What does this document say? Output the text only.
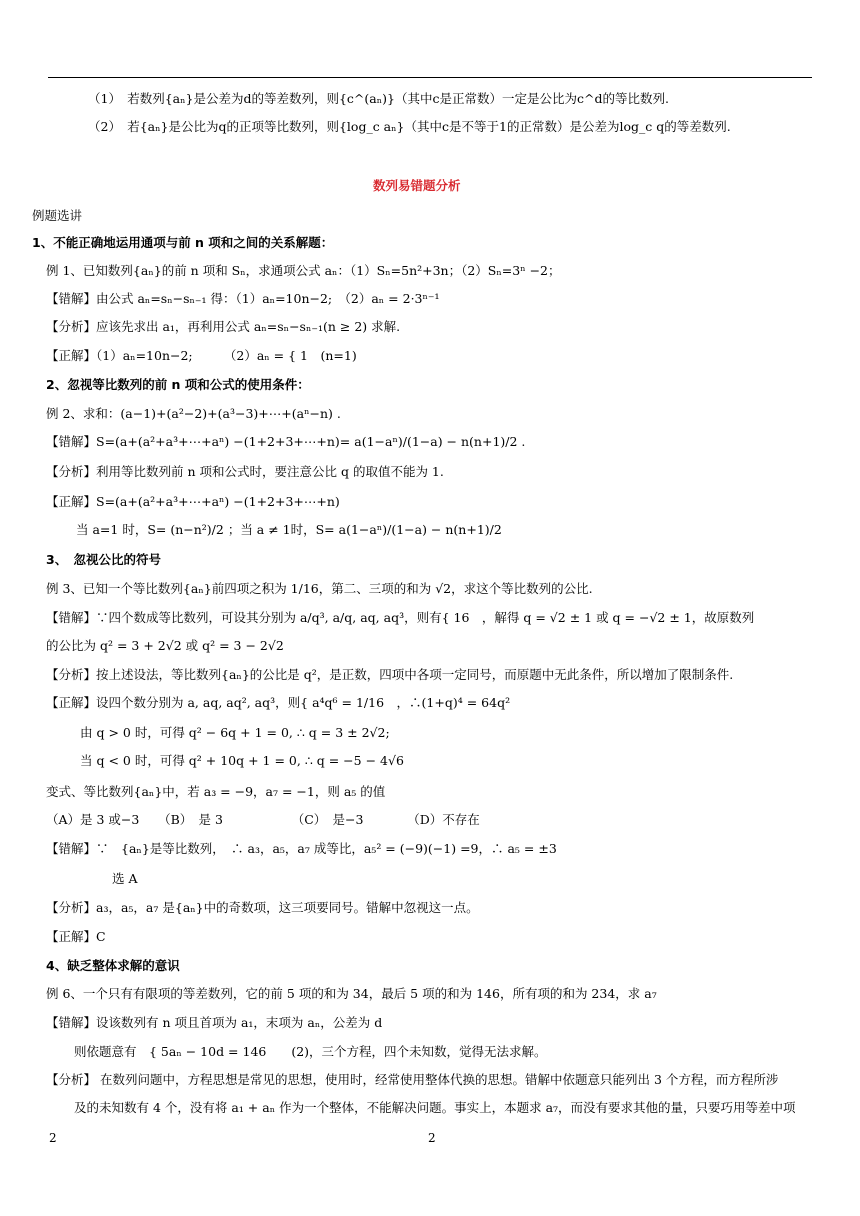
（1）　若数列{aₙ}是公差为d的等差数列，则{c^(aₙ)}（其中c是正常数）一定是公比为c^d的等比数列.
（2）　若{aₙ}是公比为q的正项等比数列，则{log_c aₙ}（其中c是不等于1的正常数）是公差为log_c q的等差数列.
数列易错题分析
例题选讲
1、不能正确地运用通项与前 n 项和之间的关系解题：
例 1、已知数列{aₙ}的前 n 项和 Sₙ，求通项公式 aₙ：（1）Sₙ=5n²+3n；（2）Sₙ=3ⁿ −2；
【错解】由公式 aₙ=sₙ−sₙ₋₁ 得：（1）aₙ=10n−2;　（2）aₙ = 2·3ⁿ⁻¹
【分析】应该先求出 a₁，再利用公式 aₙ=sₙ−sₙ₋₁(n ≥ 2) 求解.
【正解】（1）aₙ=10n−2;　　　（2）aₙ = { 1　(n=1)
2、忽视等比数列的前 n 项和公式的使用条件：
例 2、求和：(a−1)+(a²−2)+(a³−3)+⋯+(aⁿ−n) .
【错解】S=(a+(a²+a³+⋯+aⁿ) −(1+2+3+⋯+n)= a(1−aⁿ)/(1−a) − n(n+1)/2 .
【分析】利用等比数列前 n 项和公式时，要注意公比 q 的取值不能为 1.
【正解】S=(a+(a²+a³+⋯+aⁿ) −(1+2+3+⋯+n)
当 a=1 时，S= (n−n²)/2 ；当 a ≠ 1时，S= a(1−aⁿ)/(1−a) − n(n+1)/2
3、　忽视公比的符号
例 3、已知一个等比数列{aₙ}前四项之积为 1/16，第二、三项的和为 √2，求这个等比数列的公比.
【错解】∵四个数成等比数列，可设其分别为 a/q³, a/q, aq, aq³，则有{ 16　，解得 q = √2 ± 1 或 q = −√2 ± 1，故原数列
的公比为 q² = 3 + 2√2 或 q² = 3 − 2√2
【分析】按上述设法，等比数列{aₙ}的公比是 q²，是正数，四项中各项一定同号，而原题中无此条件，所以增加了限制条件.
【正解】设四个数分别为 a, aq, aq², aq³，则{ a⁴q⁶ = 1/16　，∴(1+q)⁴ = 64q²
由 q > 0 时，可得 q² − 6q + 1 = 0, ∴ q = 3 ± 2√2;
当 q < 0 时，可得 q² + 10q + 1 = 0, ∴ q = −5 − 4√6
变式、等比数列{aₙ}中，若 a₃ = −9，a₇ = −1，则 a₅ 的值
（A）是 3 或−3　　（B）　是 3　　　　　　（C）　是−3　　　　（D）不存在
【错解】∵　{aₙ}是等比数列，　∴ a₃，a₅，a₇ 成等比，a₅² = (−9)(−1) =9，∴ a₅ = ±3
选 A
【分析】a₃，a₅，a₇ 是{aₙ}中的奇数项，这三项要同号。错解中忽视这一点。
【正解】C
4、缺乏整体求解的意识
例 6、一个只有有限项的等差数列，它的前 5 项的和为 34，最后 5 项的和为 146，所有项的和为 234，求 a₇
【错解】设该数列有 n 项且首项为 a₁，末项为 aₙ，公差为 d
则依题意有　{ 5aₙ − 10d = 146　　(2)，三个方程，四个未知数，觉得无法求解。
【分析】 在数列问题中，方程思想是常见的思想，使用时，经常使用整体代换的思想。错解中依题意只能列出 3 个方程，而方程所涉
及的未知数有 4 个，没有将 a₁ + aₙ 作为一个整体，不能解决问题。事实上，本题求 a₇，而没有要求其他的量，只要巧用等差中项
2	2
